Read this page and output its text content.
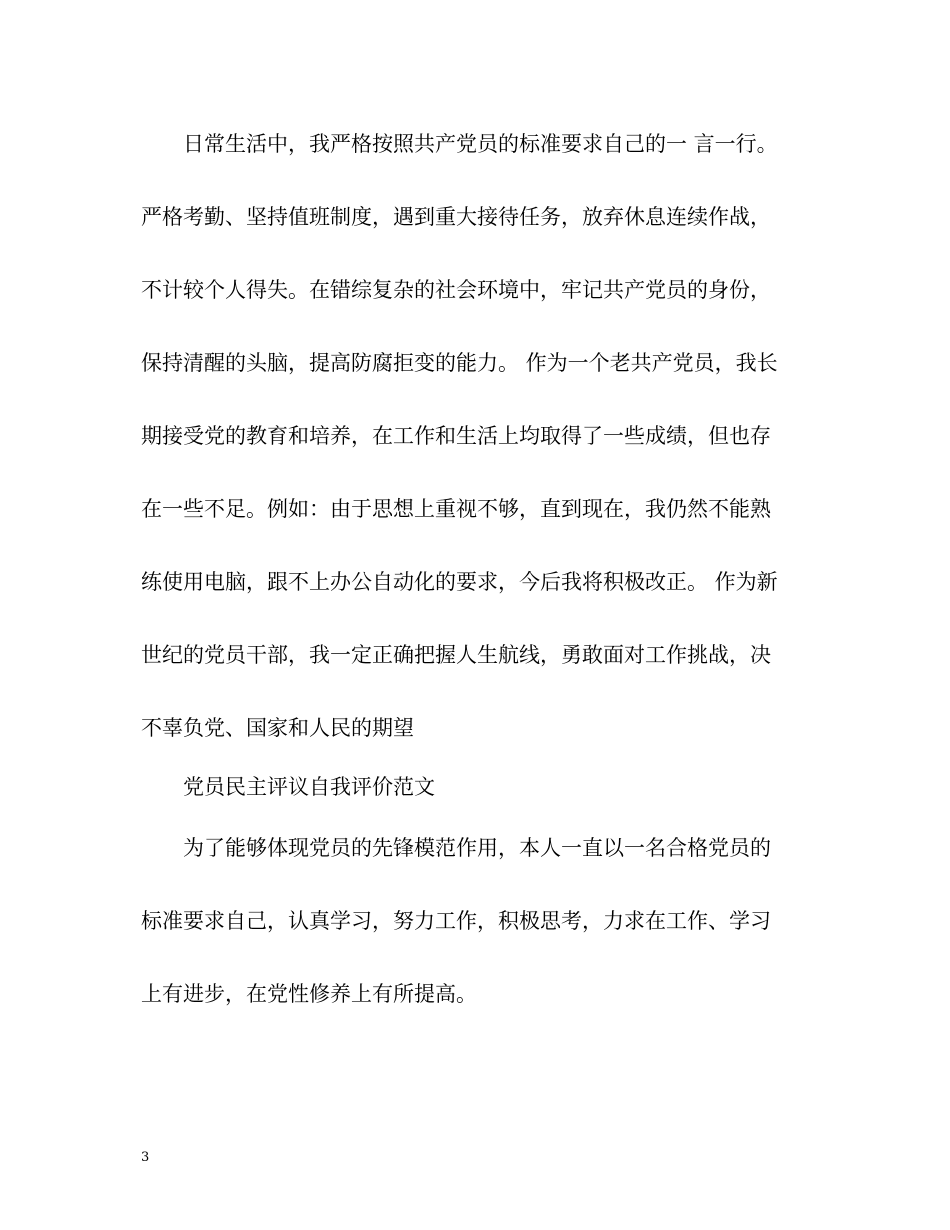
日常生活中，我严格按照共产党员的标准要求自己的一 言一行。
严格考勤、坚持值班制度，遇到重大接待任务，放弃休息连续作战，
不计较个人得失。在错综复杂的社会环境中，牢记共产党员的身份，
保持清醒的头脑，提高防腐拒变的能力。 作为一个老共产党员，我长
期接受党的教育和培养，在工作和生活上均取得了一些成绩，但也存
在一些不足。例如：由于思想上重视不够，直到现在，我仍然不能熟
练使用电脑，跟不上办公自动化的要求，今后我将积极改正。 作为新
世纪的党员干部，我一定正确把握人生航线，勇敢面对工作挑战，决
不辜负党、国家和人民的期望
党员民主评议自我评价范文
为了能够体现党员的先锋模范作用，本人一直以一名合格党员的
标准要求自己，认真学习，努力工作，积极思考，力求在工作、学习
上有进步，在党性修养上有所提高。
3
